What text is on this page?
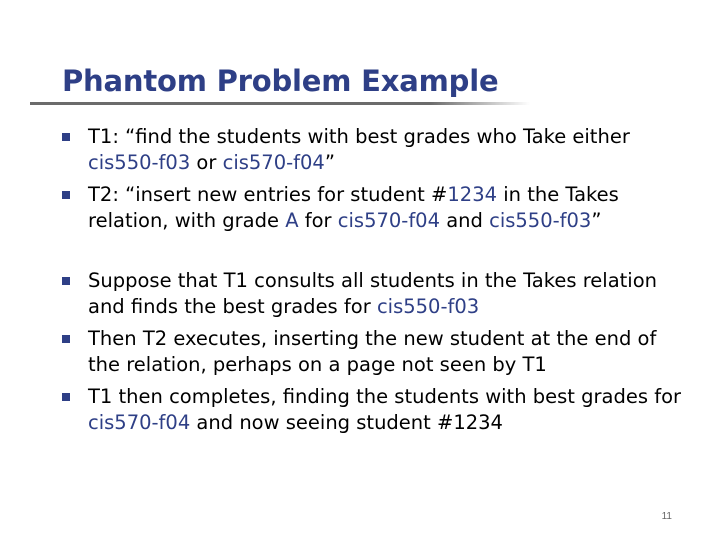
Phantom Problem Example
T1: “find the students with best grades who Take either cis550-f03 or cis570-f04”
T2: “insert new entries for student #1234 in the Takes relation, with grade A for cis570-f04 and cis550-f03”
Suppose that T1 consults all students in the Takes relation and finds the best grades for cis550-f03
Then T2 executes, inserting the new student at the end of the relation, perhaps on a page not seen by T1
T1 then completes, finding the students with best grades for cis570-f04 and now seeing student #1234
11
